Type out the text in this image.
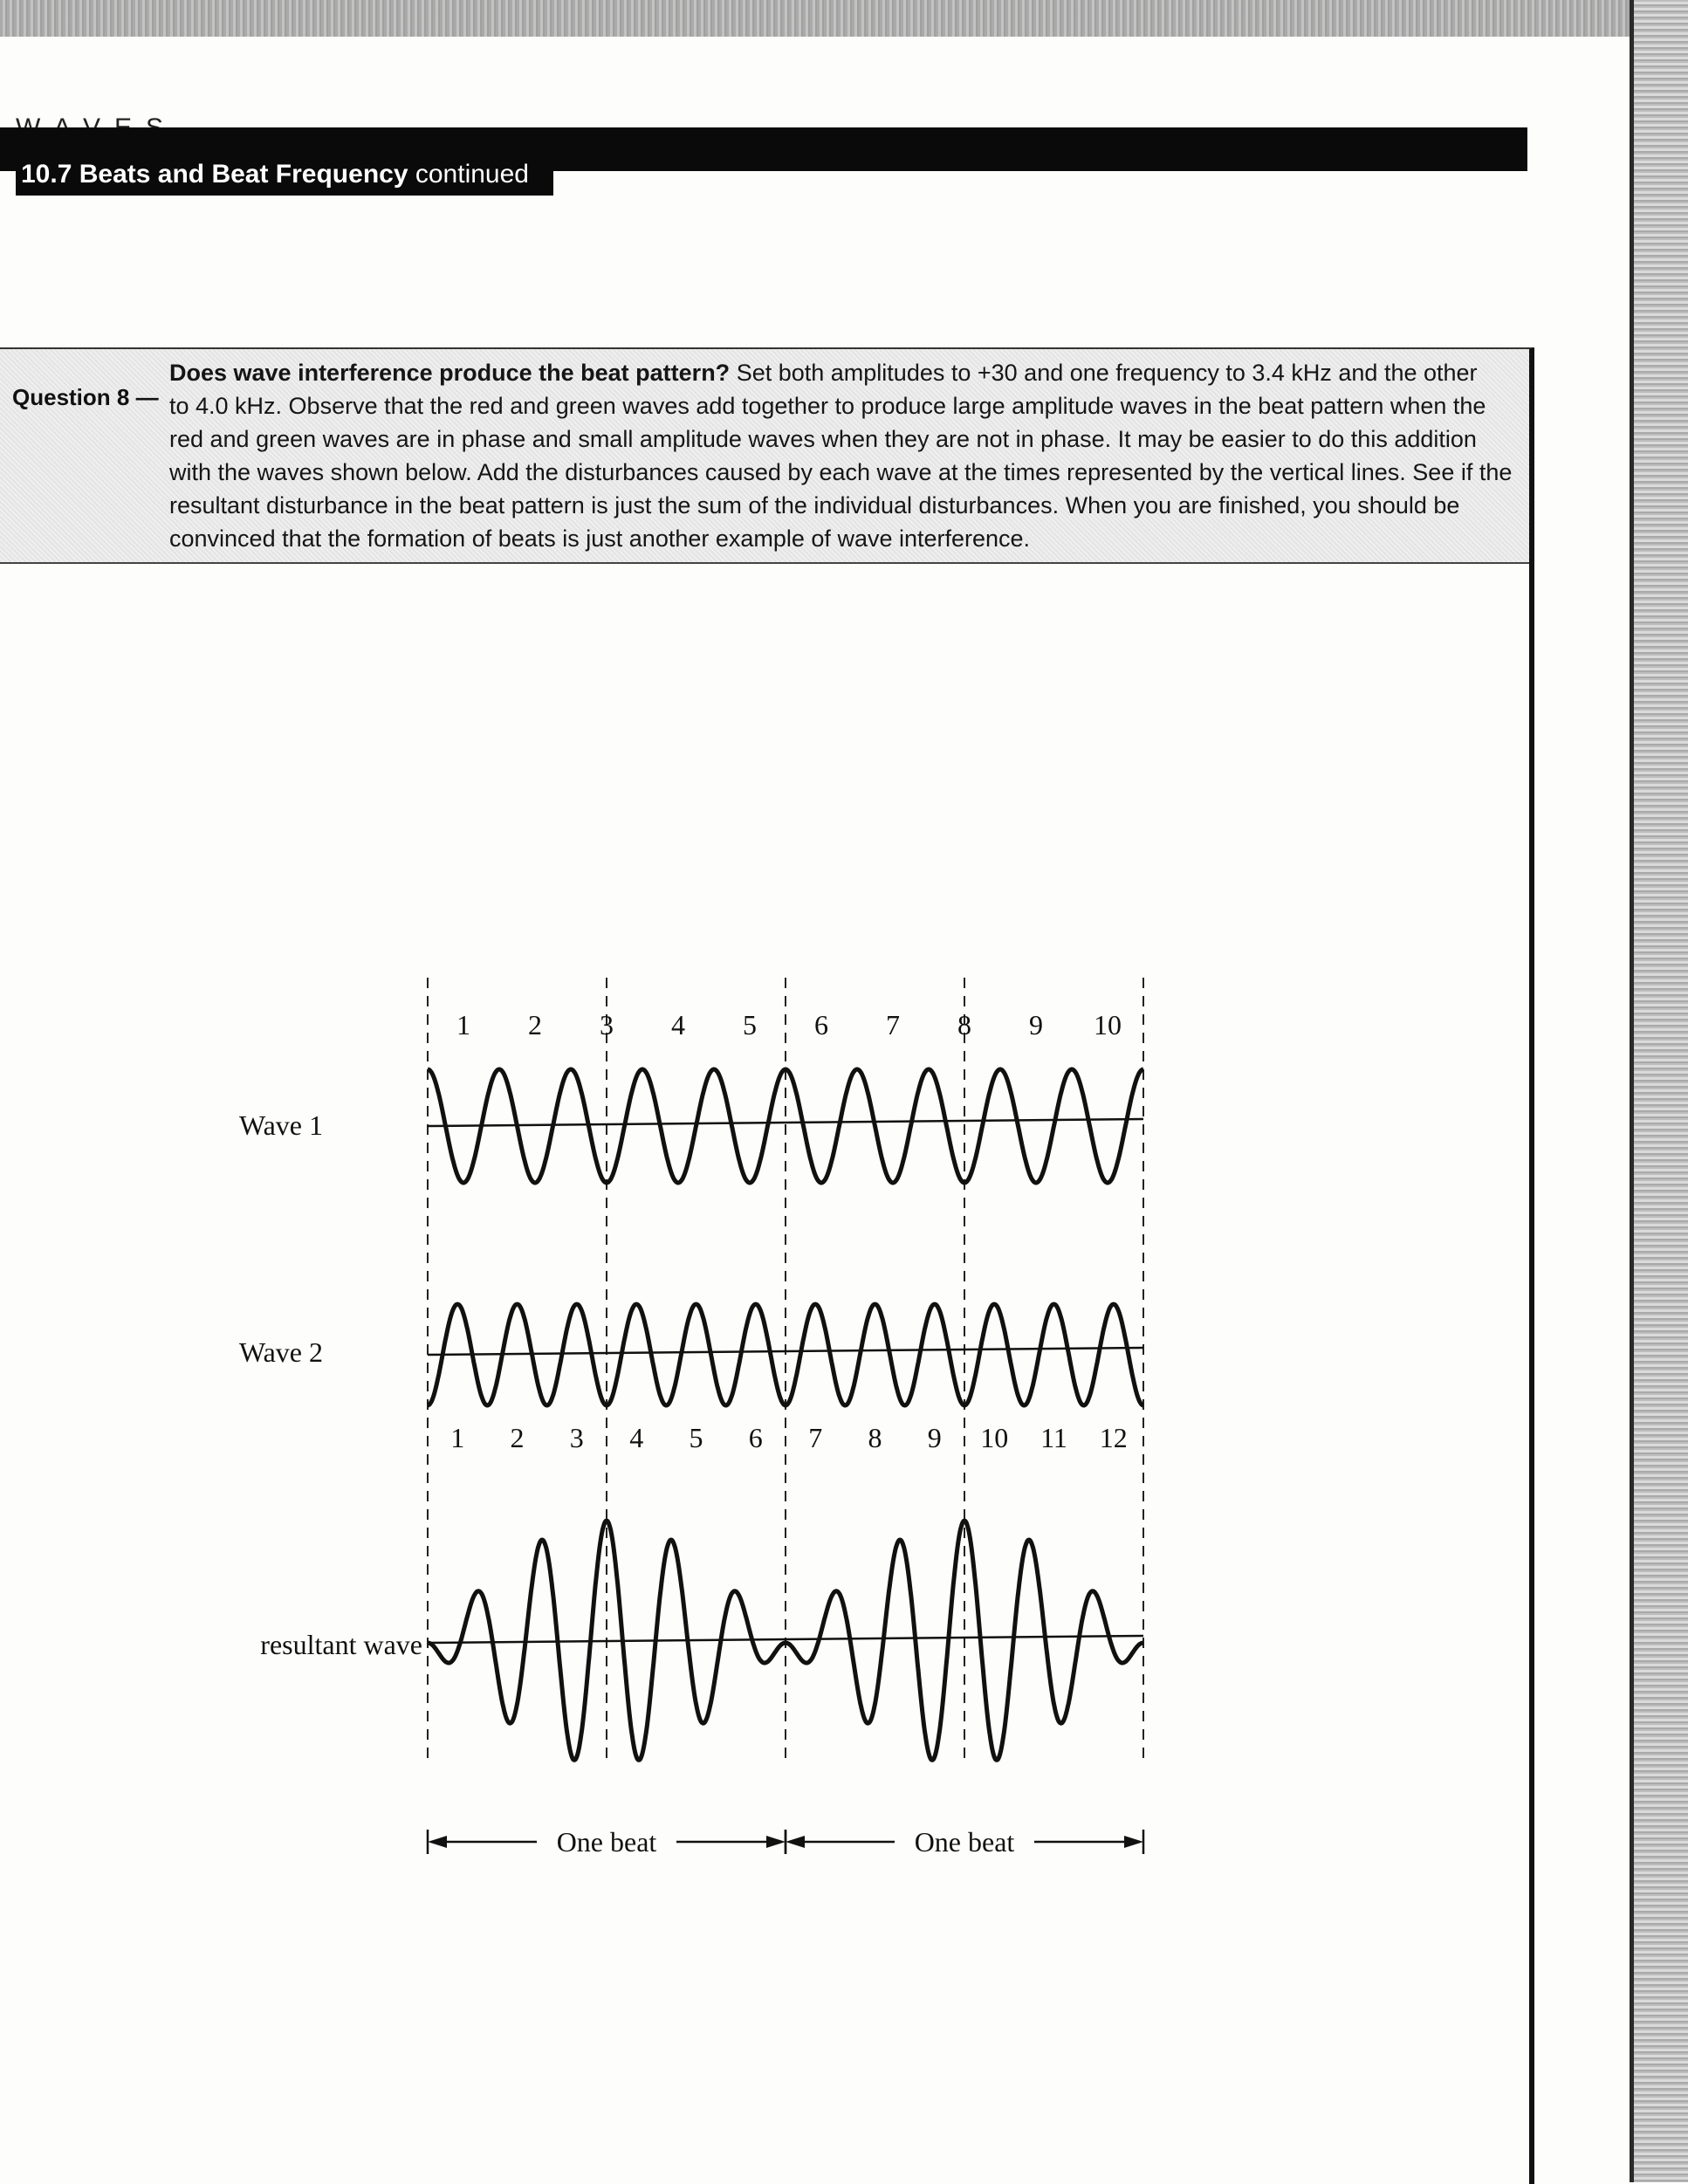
10.7 Beats and Beat Frequency continued
Question 8 —
Does wave interference produce the beat pattern? Set both amplitudes to +30 and one frequency to 3.4 kHz and the other
to 4.0 kHz. Observe that the red and green waves add together to produce large amplitude waves in the beat pattern when the
red and green waves are in phase and small amplitude waves when they are not in phase. It may be easier to do this addition
with the waves shown below. Add the disturbances caused by each wave at the times represented by the vertical lines. See if the
resultant disturbance in the beat pattern is just the sum of the individual disturbances. When you are finished, you should be
convinced that the formation of beats is just another example of wave interference.
Wave 1
Wave 2
resultant wave
1 2 3 4 5 6 7 8 9 10
1 2 3 4 5 6 7 8 9 10 11 12
One beat	One beat
